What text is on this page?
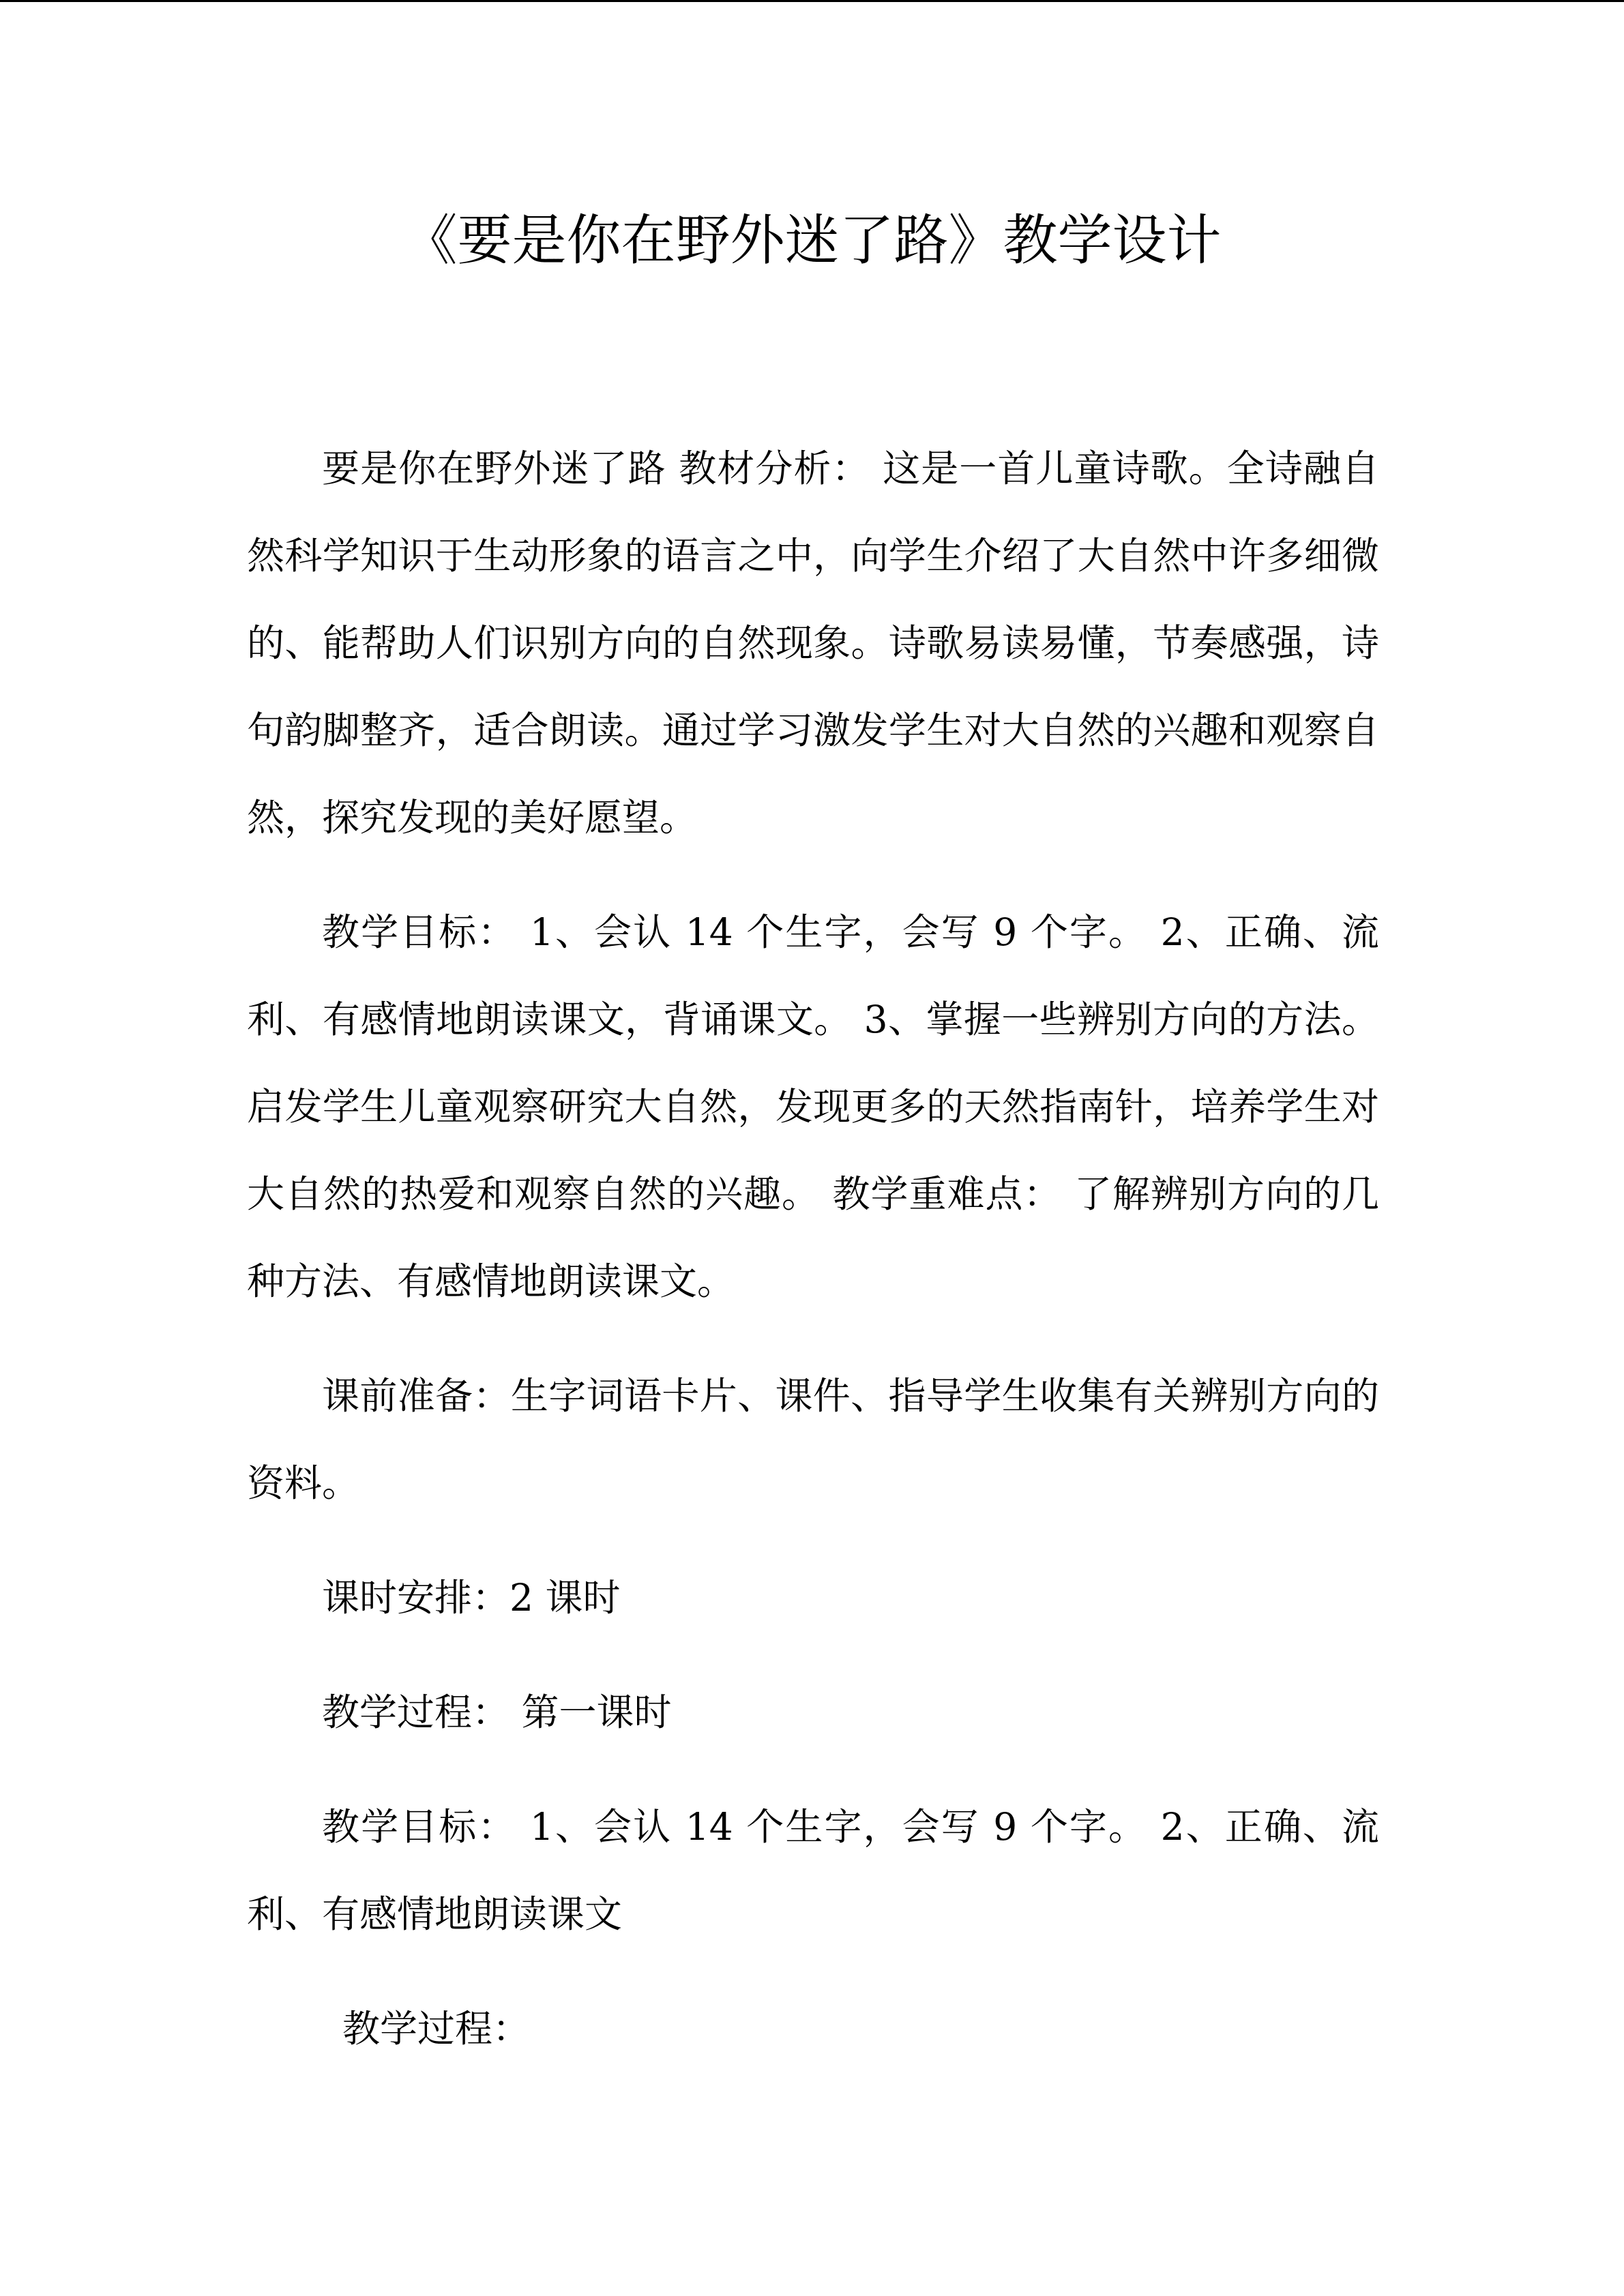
《要是你在野外迷了路》教学设计

要是你在野外迷了路 教材分析： 这是一首儿童诗歌。全诗融自然科学知识于生动形象的语言之中，向学生介绍了大自然中许多细微的、能帮助人们识别方向的自然现象。诗歌易读易懂，节奏感强，诗句韵脚整齐，适合朗读。通过学习激发学生对大自然的兴趣和观察自然，探究发现的美好愿望。

教学目标： 1、会认 14 个生字，会写 9 个字。 2、正确、流利、有感情地朗读课文，背诵课文。 3、掌握一些辨别方向的方法。启发学生儿童观察研究大自然，发现更多的天然指南针，培养学生对大自然的热爱和观察自然的兴趣。 教学重难点： 了解辨别方向的几种方法、有感情地朗读课文。

课前准备：生字词语卡片、课件、指导学生收集有关辨别方向的资料。

课时安排：2 课时

教学过程： 第一课时

教学目标： 1、会认 14 个生字，会写 9 个字。 2、正确、流利、有感情地朗读课文

教学过程：
